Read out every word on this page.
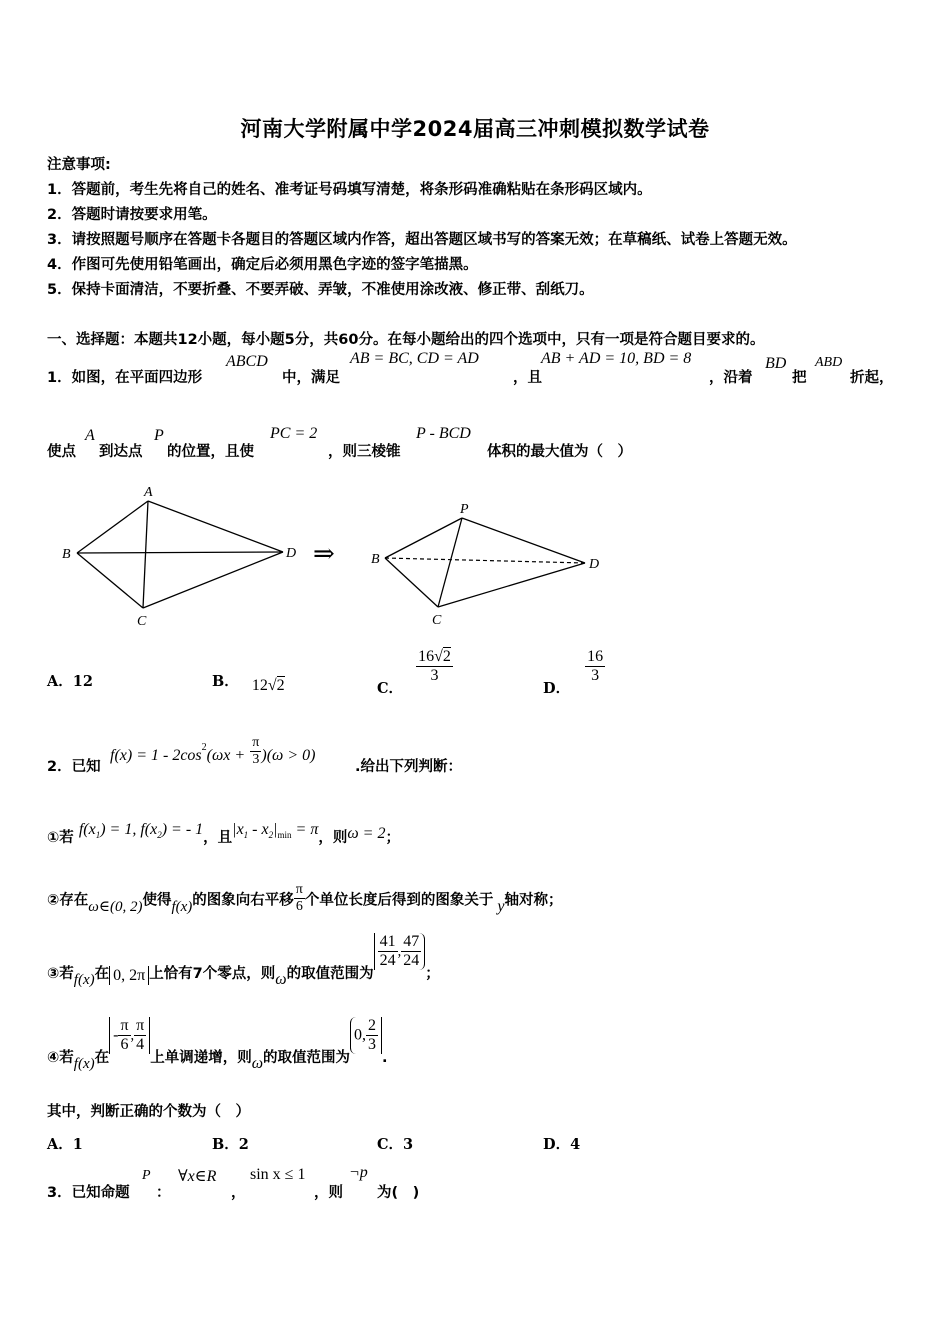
河南大学附属中学2024届高三冲刺模拟数学试卷
注意事项:
1．答题前，考生先将自己的姓名、准考证号码填写清楚，将条形码准确粘贴在条形码区域内。
2．答题时请按要求用笔。
3．请按照题号顺序在答题卡各题目的答题区域内作答，超出答题区域书写的答案无效；在草稿纸、试卷上答题无效。
4．作图可先使用铅笔画出，确定后必须用黑色字迹的签字笔描黑。
5．保持卡面清洁，不要折叠、不要弄破、弄皱，不准使用涂改液、修正带、刮纸刀。
一、选择题：本题共12小题，每小题5分，共60分。在每小题给出的四个选项中，只有一项是符合题目要求的。
1．如图，在平面四边形
ABCD
中，满足
AB = BC, CD = AD
，且
AB + AD = 10, BD = 8
，沿着
BD
把
ABD
折起，
使点
A
到达点
P
的位置，且使
PC = 2
，则三棱锥
P - BCD
体积的最大值为（　）
A
B
C
D ⇒
P
B
C
D
A．12	B． 12√2	C．
$\frac{16√2}{3}$
D．
$\frac{16}{3}$
2．已知
$f(x) = 1 - 2\cos^2(\omega x + \frac{\pi}{3} )(\omega > 0)$
.给出下列判断：
①若 $f(x_1) = 1$, $f(x_2)$ = - 1，且$|x_1 - x_2|_{min} = \pi$，则ω = 2；
②存在ω∈(0, 2)使得f(x)的图象向右平移 $\frac{\pi}{6}$ 个单位长度后得到的图象关于 y轴对称；
③若f(x)在 0, 2π 上恰有7个零点，则ω的取值范围为
$\frac{41}{24}$ , $\frac{47}{24}$
；
④若f(x)在- $\frac{\pi}{6}$ , $\frac{\pi}{4}$
上单调递增，则ω的取值范围为0, $\frac{2}{3}$
.
其中，判断正确的个数为（　）
A．1	B．2	C．3	D．4
3．已知命题
P
：
∀x∈R
，
sin x ≤ 1
，则
¬p
为(　)
